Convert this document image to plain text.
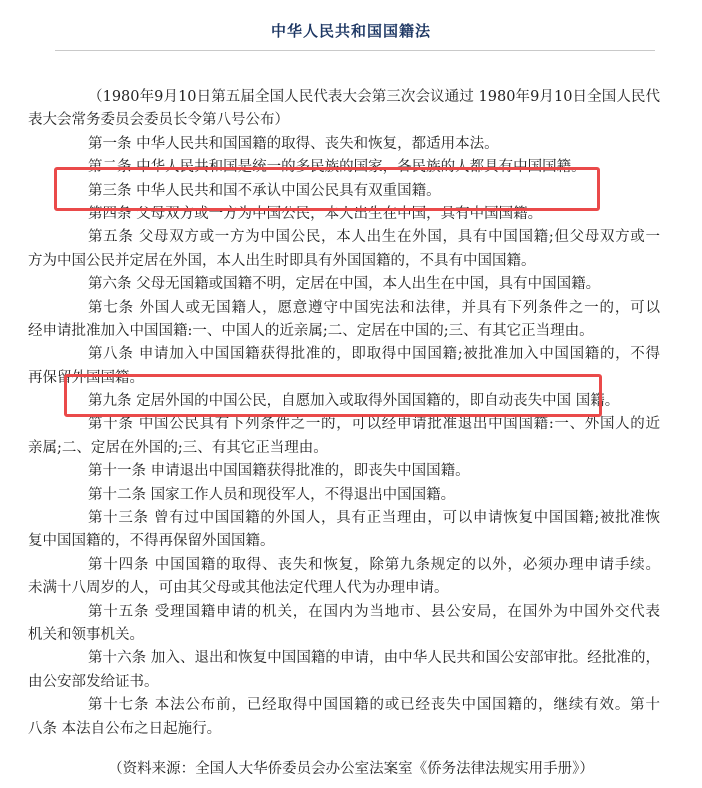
中华人民共和国国籍法
（1980年9月10日第五届全国人民代表大会第三次会议通过 1980年9月10日全国人民代
表大会常务委员会委员长令第八号公布）
第一条 中华人民共和国国籍的取得、丧失和恢复，都适用本法。
第二条 中华人民共和国是统一的多民族的国家，各民族的人都具有中国国籍。
第三条 中华人民共和国不承认中国公民具有双重国籍。
第四条 父母双方或一方为中国公民，本人出生在中国，具有中国国籍。
第五条 父母双方或一方为中国公民，本人出生在外国，具有中国国籍;但父母双方或一
方为中国公民并定居在外国，本人出生时即具有外国国籍的，不具有中国国籍。
第六条 父母无国籍或国籍不明，定居在中国，本人出生在中国，具有中国国籍。
第七条 外国人或无国籍人，愿意遵守中国宪法和法律，并具有下列条件之一的，可以
经申请批准加入中国国籍:一、中国人的近亲属;二、定居在中国的;三、有其它正当理由。
第八条 申请加入中国国籍获得批准的，即取得中国国籍;被批准加入中国国籍的，不得
再保留外国国籍。
第九条 定居外国的中国公民，自愿加入或取得外国国籍的，即自动丧失中国 国籍。
第十条 中国公民具有下列条件之一的，可以经申请批准退出中国国籍:一、外国人的近
亲属;二、定居在外国的;三、有其它正当理由。
第十一条 申请退出中国国籍获得批准的，即丧失中国国籍。
第十二条 国家工作人员和现役军人，不得退出中国国籍。
第十三条 曾有过中国国籍的外国人，具有正当理由，可以申请恢复中国国籍;被批准恢
复中国国籍的，不得再保留外国国籍。
第十四条 中国国籍的取得、丧失和恢复，除第九条规定的以外，必须办理申请手续。
未满十八周岁的人，可由其父母或其他法定代理人代为办理申请。
第十五条 受理国籍申请的机关，在国内为当地市、县公安局，在国外为中国外交代表
机关和领事机关。
第十六条 加入、退出和恢复中国国籍的申请，由中华人民共和国公安部审批。经批准的，
由公安部发给证书。
第十七条 本法公布前，已经取得中国国籍的或已经丧失中国国籍的，继续有效。第十
八条 本法自公布之日起施行。
（资料来源：全国人大华侨委员会办公室法案室《侨务法律法规实用手册》）
